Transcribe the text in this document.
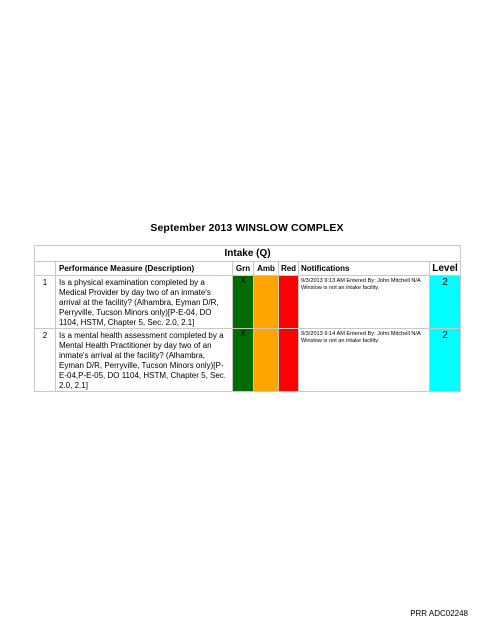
September 2013 WINSLOW COMPLEX
Intake (Q)						
	Performance Measure (Description)	Grn	Amb	Red	Notifications	Level
1	Is a physical examination completed by a Medical Provider by day two of an inmate's arrival at the facility? (Alhambra, Eyman D/R, Perryville, Tucson Minors only)[P-E-04, DO 1104, HSTM, Chapter 5, Sec. 2.0, 2.1]	X			9/3/2013 9:13 AM Entered By: John Mitchell N/A Winslow is not an intake facility.	2
2	Is a mental health assessment completed by a Mental Health Practitioner by day two of an inmate's arrival at the facility? (Alhambra, Eyman D/R, Perryville, Tucson Minors only)[P-E-04,P-E-05, DO 1104, HSTM, Chapter 5, Sec. 2.0, 2.1]	X			9/3/2013 9:14 AM Entered By: John Mitchell N/A Winslow is not an intake facility.	2
PRR ADC02248
